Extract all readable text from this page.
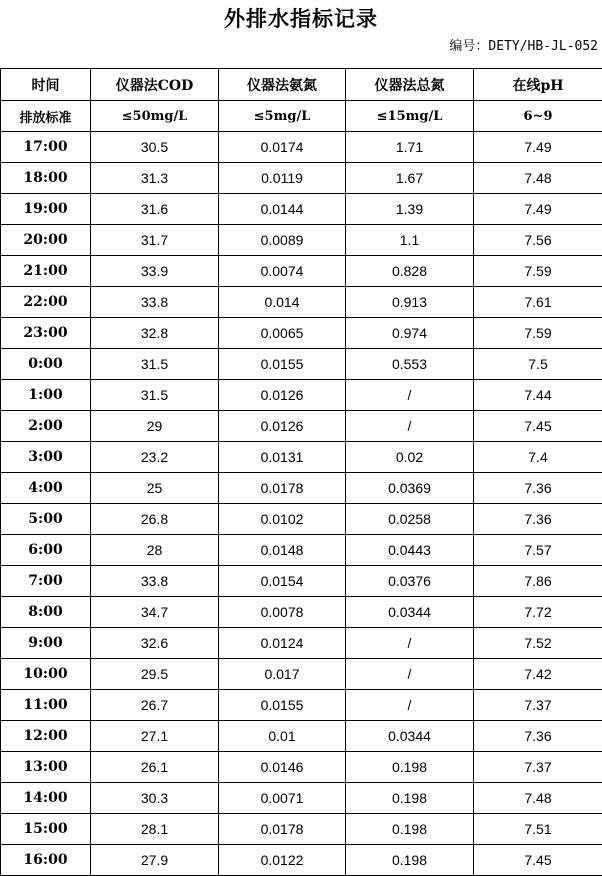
外排水指标记录
编号：DETY/HB-JL-052
时间	仪器法COD	仪器法氨氮	仪器法总氮	在线pH
排放标准	≤50mg/L	≤5mg/L	≤15mg/L	6~9
17:00	30.5	0.0174	1.71	7.49
18:00	31.3	0.0119	1.67	7.48
19:00	31.6	0.0144	1.39	7.49
20:00	31.7	0.0089	1.1	7.56
21:00	33.9	0.0074	0.828	7.59
22:00	33.8	0.014	0.913	7.61
23:00	32.8	0.0065	0.974	7.59
0:00	31.5	0.0155	0.553	7.5
1:00	31.5	0.0126	/	7.44
2:00	29	0.0126	/	7.45
3:00	23.2	0.0131	0.02	7.4
4:00	25	0.0178	0.0369	7.36
5:00	26.8	0.0102	0.0258	7.36
6:00	28	0.0148	0.0443	7.57
7:00	33.8	0.0154	0.0376	7.86
8:00	34.7	0.0078	0.0344	7.72
9:00	32.6	0.0124	/	7.52
10:00	29.5	0.017	/	7.42
11:00	26.7	0.0155	/	7.37
12:00	27.1	0.01	0.0344	7.36
13:00	26.1	0.0146	0.198	7.37
14:00	30.3	0.0071	0.198	7.48
15:00	28.1	0.0178	0.198	7.51
16:00	27.9	0.0122	0.198	7.45
